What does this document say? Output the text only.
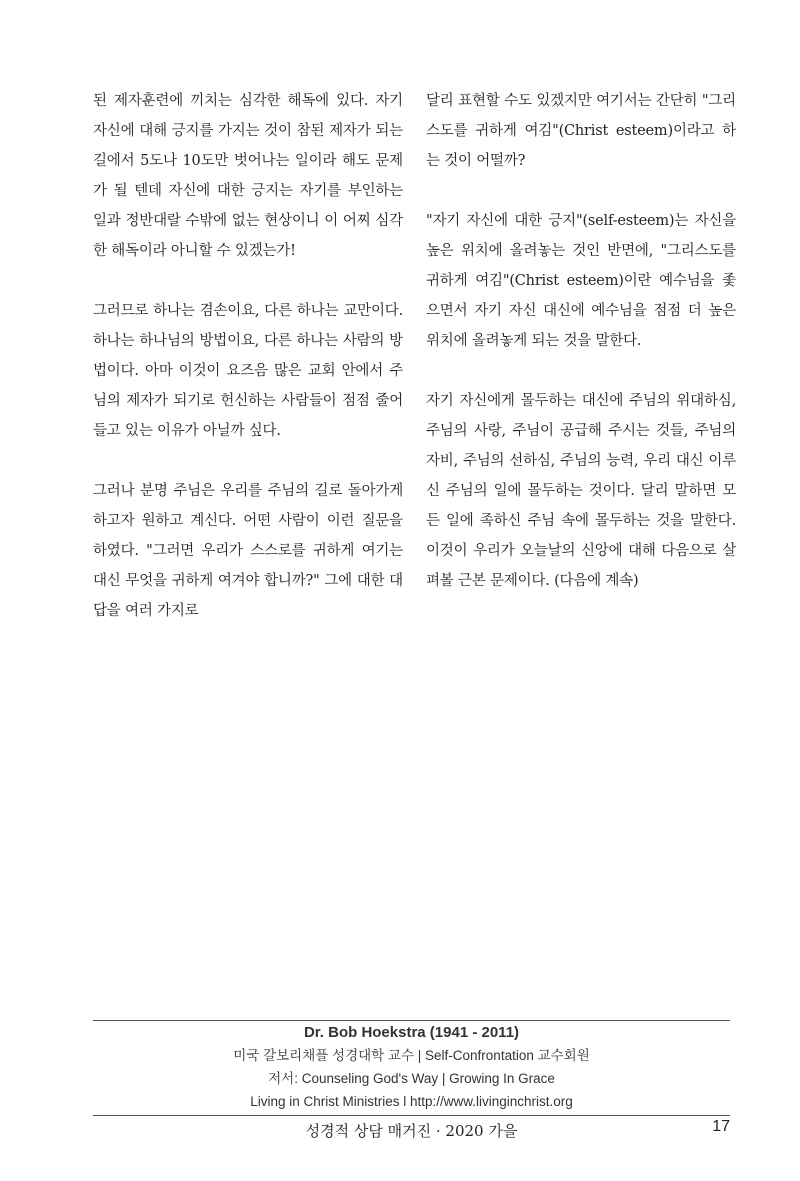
된 제자훈련에 끼치는 심각한 해독에 있다. 자기 자신에 대해 긍지를 가지는 것이 참된 제자가 되는 길에서 5도나 10도만 벗어나는 일이라 해도 문제가 될 텐데 자신에 대한 긍지는 자기를 부인하는 일과 정반대랄 수밖에 없는 현상이니 이 어찌 심각한 해독이라 아니할 수 있겠는가!

그러므로 하나는 겸손이요, 다른 하나는 교만이다. 하나는 하나님의 방법이요, 다른 하나는 사람의 방법이다. 아마 이것이 요즈음 많은 교회 안에서 주님의 제자가 되기로 헌신하는 사람들이 점점 줄어들고 있는 이유가 아닐까 싶다.

그러나 분명 주님은 우리를 주님의 길로 돌아가게 하고자 원하고 계신다. 어떤 사람이 이런 질문을 하였다. "그러면 우리가 스스로를 귀하게 여기는 대신 무엇을 귀하게 여겨야 합니까?" 그에 대한 대답을 여러 가지로

달리 표현할 수도 있겠지만 여기서는 간단히 "그리스도를 귀하게 여김"(Christ esteem)이라고 하는 것이 어떨까?

"자기 자신에 대한 긍지"(self-esteem)는 자신을 높은 위치에 올려놓는 것인 반면에, "그리스도를 귀하게 여김"(Christ esteem)이란 예수님을 좇으면서 자기 자신 대신에 예수님을 점점 더 높은 위치에 올려놓게 되는 것을 말한다.

자기 자신에게 몰두하는 대신에 주님의 위대하심, 주님의 사랑, 주님이 공급해 주시는 것들, 주님의 자비, 주님의 선하심, 주님의 능력, 우리 대신 이루신 주님의 일에 몰두하는 것이다. 달리 말하면 모든 일에 족하신 주님 속에 몰두하는 것을 말한다. 이것이 우리가 오늘날의 신앙에 대해 다음으로 살펴볼 근본 문제이다. (다음에 계속)

Dr. Bob Hoekstra (1941 - 2011)
미국 갈보리채플 성경대학 교수 | Self-Confrontation 교수회원
저서: Counseling God's Way | Growing In Grace
Living in Christ Ministries l http://www.livinginchrist.org
성경적 상담 매거진 · 2020 가을	17
